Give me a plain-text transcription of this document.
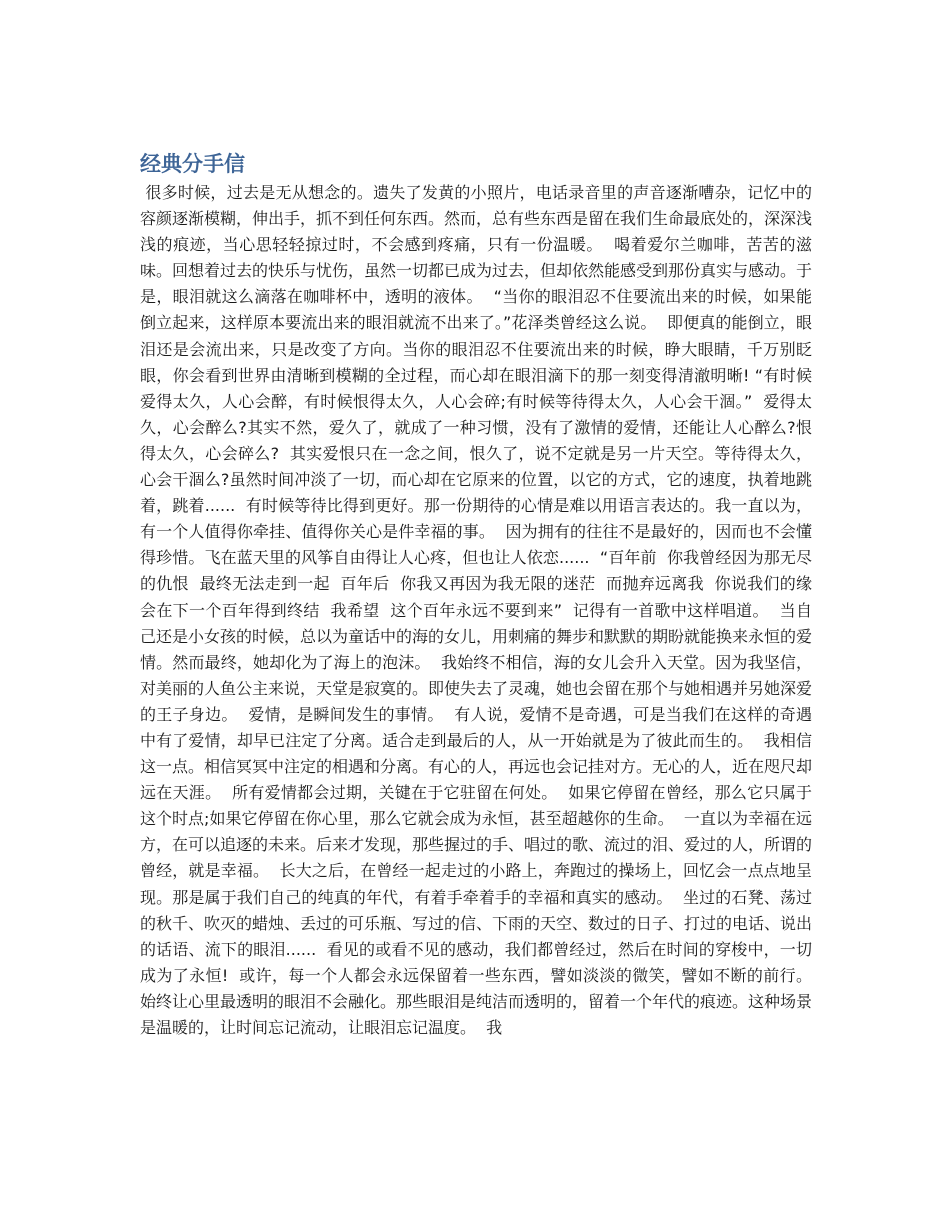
经典分手信

很多时候，过去是无从想念的。遗失了发黄的小照片，电话录音里的声音逐渐嘈杂，记忆中的容颜逐渐模糊，伸出手，抓不到任何东西。然而，总有些东西是留在我们生命最底处的，深深浅浅的痕迹，当心思轻轻掠过时，不会感到疼痛，只有一份温暖。  喝着爱尔兰咖啡，苦苦的滋味。回想着过去的快乐与忧伤，虽然一切都已成为过去，但却依然能感受到那份真实与感动。于是，眼泪就这么滴落在咖啡杯中，透明的液体。  “当你的眼泪忍不住要流出来的时候，如果能倒立起来，这样原本要流出来的眼泪就流不出来了。”花泽类曾经这么说。  即便真的能倒立，眼泪还是会流出来，只是改变了方向。当你的眼泪忍不住要流出来的时候，睁大眼睛，千万别眨眼，你会看到世界由清晰到模糊的全过程，而心却在眼泪滴下的那一刻变得清澈明晰! “有时候爱得太久，人心会醉，有时候恨得太久，人心会碎;有时候等待得太久，人心会干涸。”  爱得太久，心会醉么?其实不然，爱久了，就成了一种习惯，没有了激情的爱情，还能让人心醉么?恨得太久，心会碎么?  其实爱恨只在一念之间，恨久了，说不定就是另一片天空。等待得太久，心会干涸么?虽然时间冲淡了一切，而心却在它原来的位置，以它的方式，它的速度，执着地跳着，跳着......  有时候等待比得到更好。那一份期待的心情是难以用语言表达的。我一直以为，有一个人值得你牵挂、值得你关心是件幸福的事。  因为拥有的往往不是最好的，因而也不会懂得珍惜。飞在蓝天里的风筝自由得让人心疼，但也让人依恋......  “百年前  你我曾经因为那无尽的仇恨  最终无法走到一起  百年后  你我又再因为我无限的迷茫  而抛弃远离我  你说我们的缘会在下一个百年得到终结  我希望  这个百年永远不要到来”  记得有一首歌中这样唱道。  当自己还是小女孩的时候，总以为童话中的海的女儿，用刺痛的舞步和默默的期盼就能换来永恒的爱情。然而最终，她却化为了海上的泡沫。  我始终不相信，海的女儿会升入天堂。因为我坚信，对美丽的人鱼公主来说，天堂是寂寞的。即使失去了灵魂，她也会留在那个与她相遇并另她深爱的王子身边。  爱情，是瞬间发生的事情。  有人说，爱情不是奇遇，可是当我们在这样的奇遇中有了爱情，却早已注定了分离。适合走到最后的人，从一开始就是为了彼此而生的。  我相信这一点。相信冥冥中注定的相遇和分离。有心的人，再远也会记挂对方。无心的人，近在咫尺却远在天涯。  所有爱情都会过期，关键在于它驻留在何处。  如果它停留在曾经，那么它只属于这个时点;如果它停留在你心里，那么它就会成为永恒，甚至超越你的生命。  一直以为幸福在远方，在可以追逐的未来。后来才发现，那些握过的手、唱过的歌、流过的泪、爱过的人，所谓的曾经，就是幸福。  长大之后，在曾经一起走过的小路上，奔跑过的操场上，回忆会一点点地呈现。那是属于我们自己的纯真的年代，有着手牵着手的幸福和真实的感动。  坐过的石凳、荡过的秋千、吹灭的蜡烛、丢过的可乐瓶、写过的信、下雨的天空、数过的日子、打过的电话、说出的话语、流下的眼泪......  看见的或看不见的感动，我们都曾经过，然后在时间的穿梭中，一切成为了永恒!  或许，每一个人都会永远保留着一些东西，譬如淡淡的微笑，譬如不断的前行。始终让心里最透明的眼泪不会融化。那些眼泪是纯洁而透明的，留着一个年代的痕迹。这种场景是温暖的，让时间忘记流动，让眼泪忘记温度。  我
